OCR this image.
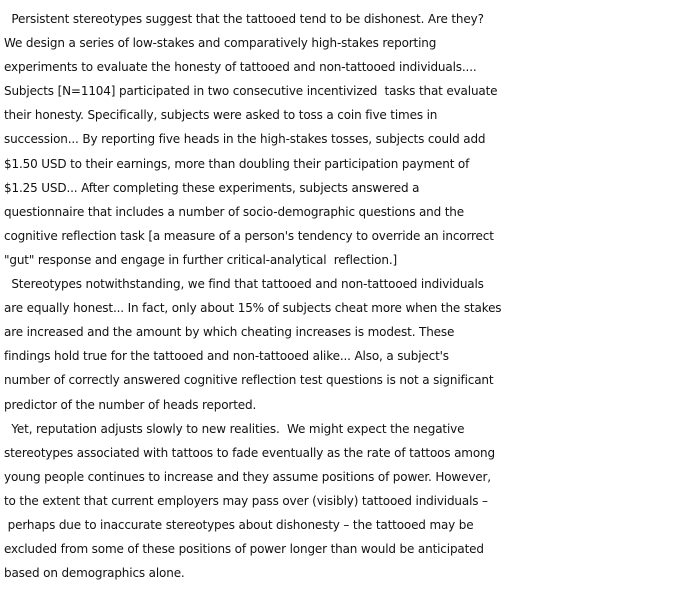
Persistent stereotypes suggest that the tattooed tend to be dishonest. Are they?
We design a series of low-stakes and comparatively high-stakes reporting
experiments to evaluate the honesty of tattooed and non-tattooed individuals....
Subjects [N=1104] participated in two consecutive incentivized  tasks that evaluate
their honesty. Specifically, subjects were asked to toss a coin five times in
succession... By reporting five heads in the high-stakes tosses, subjects could add
$1.50 USD to their earnings, more than doubling their participation payment of
$1.25 USD... After completing these experiments, subjects answered a
questionnaire that includes a number of socio-demographic questions and the
cognitive reflection task [a measure of a person's tendency to override an incorrect
"gut" response and engage in further critical-analytical  reflection.]
Stereotypes notwithstanding, we find that tattooed and non-tattooed individuals
are equally honest... In fact, only about 15% of subjects cheat more when the stakes
are increased and the amount by which cheating increases is modest. These
findings hold true for the tattooed and non-tattooed alike... Also, a subject's
number of correctly answered cognitive reflection test questions is not a significant
predictor of the number of heads reported.
Yet, reputation adjusts slowly to new realities.  We might expect the negative
stereotypes associated with tattoos to fade eventually as the rate of tattoos among
young people continues to increase and they assume positions of power. However,
to the extent that current employers may pass over (visibly) tattooed individuals –
perhaps due to inaccurate stereotypes about dishonesty – the tattooed may be
excluded from some of these positions of power longer than would be anticipated
based on demographics alone.
